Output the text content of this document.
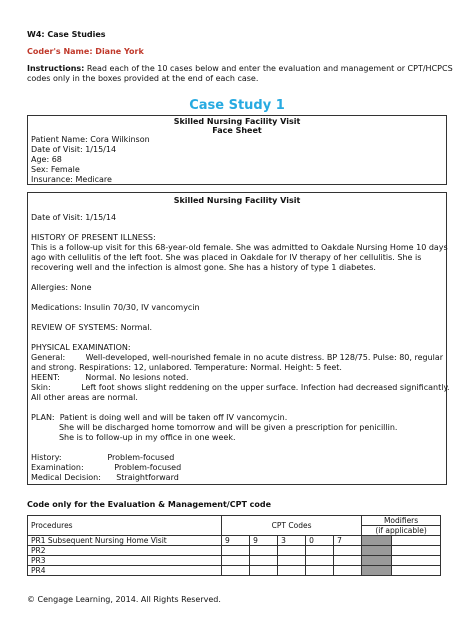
W4: Case Studies
Coder's Name: Diane York
Instructions: Read each of the 10 cases below and enter the evaluation and management or CPT/HCPCS
codes only in the boxes provided at the end of each case.
Case Study 1
Skilled Nursing Facility Visit
Face Sheet
Patient Name: Cora Wilkinson
Date of Visit: 1/15/14
Age: 68
Sex: Female
Insurance: Medicare
Skilled Nursing Facility Visit
Date of Visit: 1/15/14
HISTORY OF PRESENT ILLNESS:
This is a follow-up visit for this 68-year-old female. She was admitted to Oakdale Nursing Home 10 days
ago with cellulitis of the left foot. She was placed in Oakdale for IV therapy of her cellulitis. She is
recovering well and the infection is almost gone. She has a history of type 1 diabetes.
Allergies: None
Medications: Insulin 70/30, IV vancomycin
REVIEW OF SYSTEMS: Normal.
PHYSICAL EXAMINATION:
General:        Well-developed, well-nourished female in no acute distress. BP 128/75. Pulse: 80, regular
and strong. Respirations: 12, unlabored. Temperature: Normal. Height: 5 feet.
HEENT:          Normal. No lesions noted.
Skin:            Left foot shows slight reddening on the upper surface. Infection had decreased significantly.
All other areas are normal.
PLAN:  Patient is doing well and will be taken off IV vancomycin.
She will be discharged home tomorrow and will be given a prescription for penicillin.
She is to follow-up in my office in one week.
History:                  Problem-focused
Examination:            Problem-focused
Medical Decision:      Straightforward
Code only for the Evaluation & Management/CPT code
Procedures	CPT Codes					Modifiers	
						(if applicable)	
PR1 Subsequent Nursing Home Visit	9	9	3	0	7		
PR2							
PR3							
PR4							
© Cengage Learning, 2014. All Rights Reserved.
